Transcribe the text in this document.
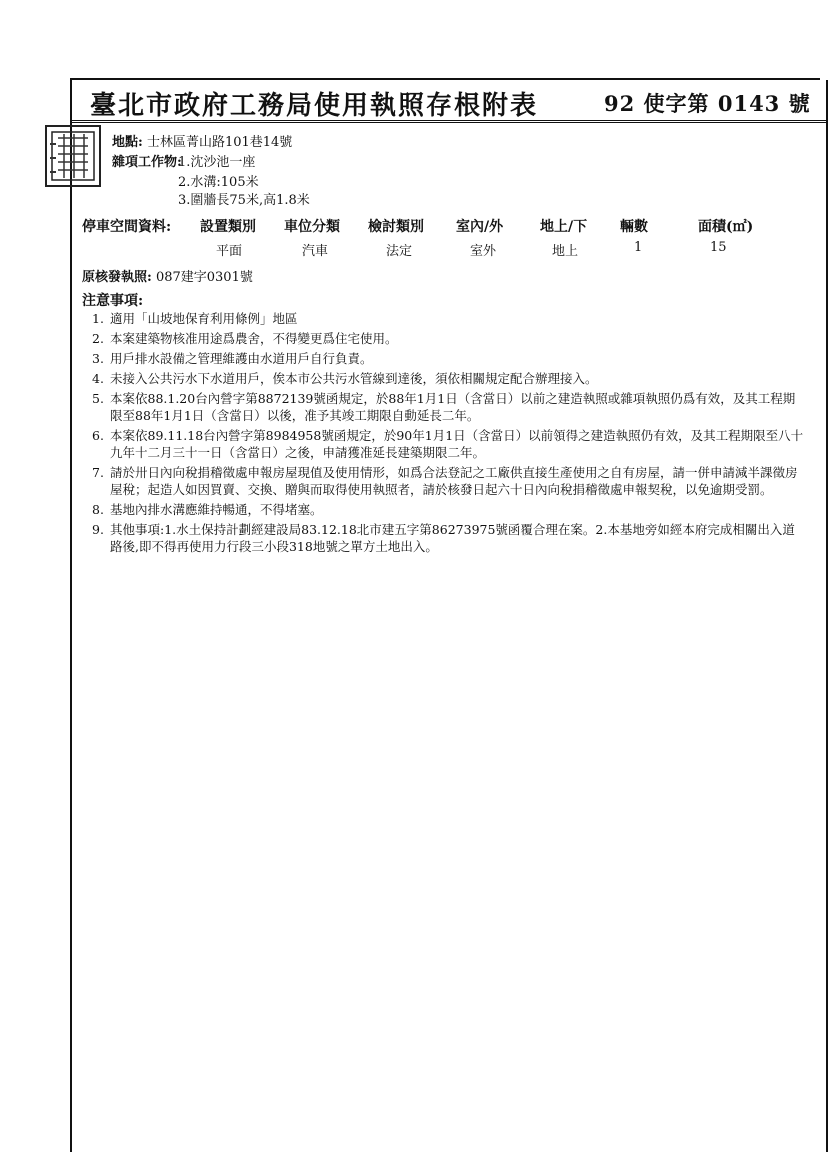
臺北市政府工務局使用執照存根附表	92 使字第 0143 號
地點: 士林區菁山路101巷14號
雜項工作物:
1.沈沙池一座
2.水溝:105米
3.圍牆長75米,高1.8米
停車空間資料: 設置類別 車位分類 檢討類別 室內/外	地上/下 輛數	面積(㎡)
平面	汽車	法定	室外	地上	1	15
原核發執照: 087建字0301號
注意事項:
1. 適用「山坡地保育利用條例」地區
2. 本案建築物核准用途爲農舍，不得變更爲住宅使用。
3. 用戶排水設備之管理維護由水道用戶自行負責。
4. 未接入公共污水下水道用戶，俟本市公共污水管線到達後，須依相關規定配合辦理接入。
5. 本案依88.1.20台內營字第8872139號函規定，於88年1月1日（含當日）以前之建造執照或雜項執照仍爲有效，及其工程期限至88年1月1日（含當日）以後，准予其竣工期限自動延長二年。
6. 本案依89.11.18台內營字第8984958號函規定，於90年1月1日（含當日）以前領得之建造執照仍有效，及其工程期限至八十九年十二月三十一日（含當日）之後，申請獲准延長建築期限二年。
7. 請於卅日內向稅捐稽徵處申報房屋現值及使用情形，如爲合法登記之工廠供直接生產使用之自有房屋，請一併申請減半課徵房屋稅；起造人如因買賣、交換、贈與而取得使用執照者，請於核發日起六十日內向稅捐稽徵處申報契稅，以免逾期受罰。
8. 基地內排水溝應維持暢通，不得堵塞。
9. 其他事項:1.水土保持計劃經建設局83.12.18北市建五字第86273975號函覆合理在案。2.本基地旁如經本府完成相關出入道路後,即不得再使用力行段三小段318地號之單方土地出入。
